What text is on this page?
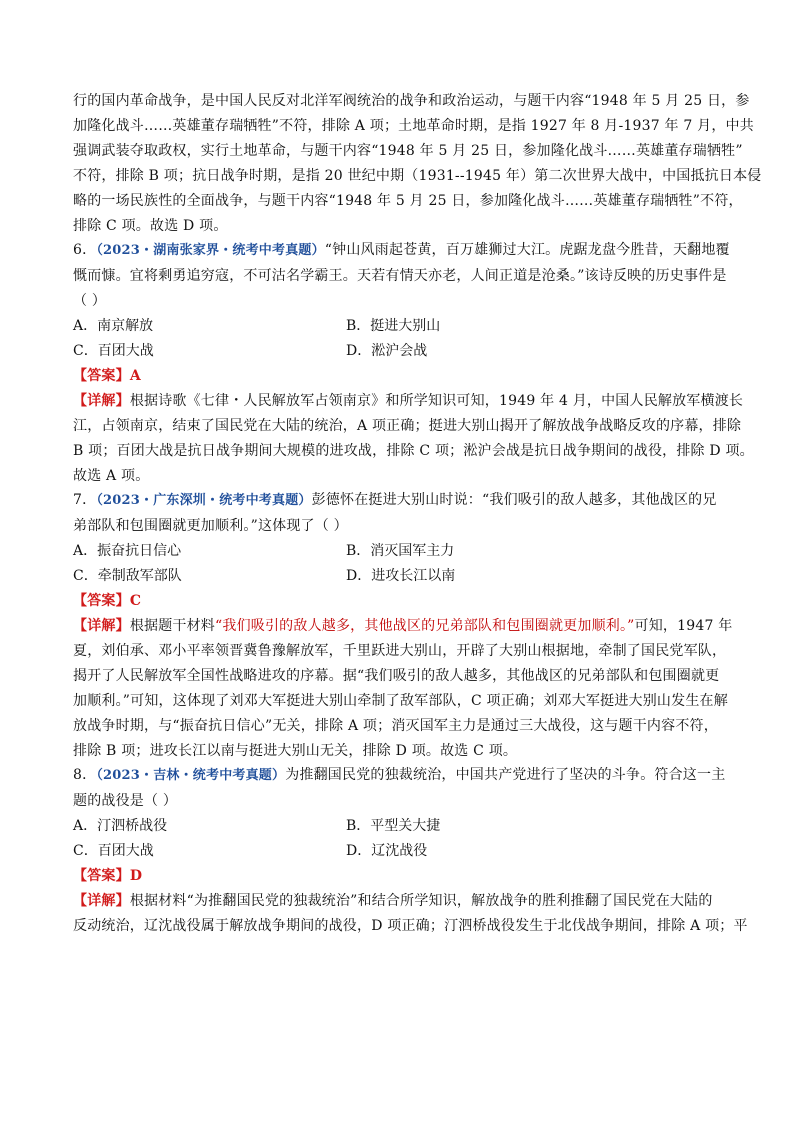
行的国内革命战争，是中国人民反对北洋军阀统治的战争和政治运动，与题干内容“1948 年 5 月 25 日，参
加隆化战斗……英雄董存瑞牺牲”不符，排除 A 项；土地革命时期，是指 1927 年 8 月-1937 年 7 月，中共
强调武装夺取政权，实行土地革命，与题干内容“1948 年 5 月 25 日，参加隆化战斗……英雄董存瑞牺牲”
不符，排除 B 项；抗日战争时期，是指 20 世纪中期（1931--1945 年）第二次世界大战中，中国抵抗日本侵
略的一场民族性的全面战争，与题干内容“1948 年 5 月 25 日，参加隆化战斗……英雄董存瑞牺牲”不符，
排除 C 项。故选 D 项。
6．（2023・湖南张家界・统考中考真题）“钟山风雨起苍黄，百万雄狮过大江。虎踞龙盘今胜昔，天翻地覆
慨而慷。宜将剩勇追穷寇，不可沽名学霸王。天若有情天亦老，人间正道是沧桑。”该诗反映的历史事件是
（ ）
A．南京解放	B．挺进大别山
C．百团大战	D．淞沪会战
【答案】A
【详解】根据诗歌《七律・人民解放军占领南京》和所学知识可知，1949 年 4 月，中国人民解放军横渡长
江，占领南京，结束了国民党在大陆的统治，A 项正确；挺进大别山揭开了解放战争战略反攻的序幕，排除
B 项；百团大战是抗日战争期间大规模的进攻战，排除 C 项；淞沪会战是抗日战争期间的战役，排除 D 项。
故选 A 项。
7．（2023・广东深圳・统考中考真题）彭德怀在挺进大别山时说：“我们吸引的敌人越多，其他战区的兄
弟部队和包围圈就更加顺利。”这体现了（ ）
A．振奋抗日信心	B．消灭国军主力
C．牵制敌军部队	D．进攻长江以南
【答案】C
【详解】根据题干材料“我们吸引的敌人越多，其他战区的兄弟部队和包围圈就更加顺利。”可知，1947 年
夏，刘伯承、邓小平率领晋冀鲁豫解放军，千里跃进大别山，开辟了大别山根据地，牵制了国民党军队，
揭开了人民解放军全国性战略进攻的序幕。据“我们吸引的敌人越多，其他战区的兄弟部队和包围圈就更
加顺利。”可知，这体现了刘邓大军挺进大别山牵制了敌军部队，C 项正确；刘邓大军挺进大别山发生在解
放战争时期，与“振奋抗日信心”无关，排除 A 项；消灭国军主力是通过三大战役，这与题干内容不符，
排除 B 项；进攻长江以南与挺进大别山无关，排除 D 项。故选 C 项。
8．（2023・吉林・统考中考真题）为推翻国民党的独裁统治，中国共产党进行了坚决的斗争。符合这一主
题的战役是（ ）
A．汀泗桥战役	B．平型关大捷
C．百团大战	D．辽沈战役
【答案】D
【详解】根据材料“为推翻国民党的独裁统治”和结合所学知识，解放战争的胜利推翻了国民党在大陆的
反动统治，辽沈战役属于解放战争期间的战役，D 项正确；汀泗桥战役发生于北伐战争期间，排除 A 项；平
